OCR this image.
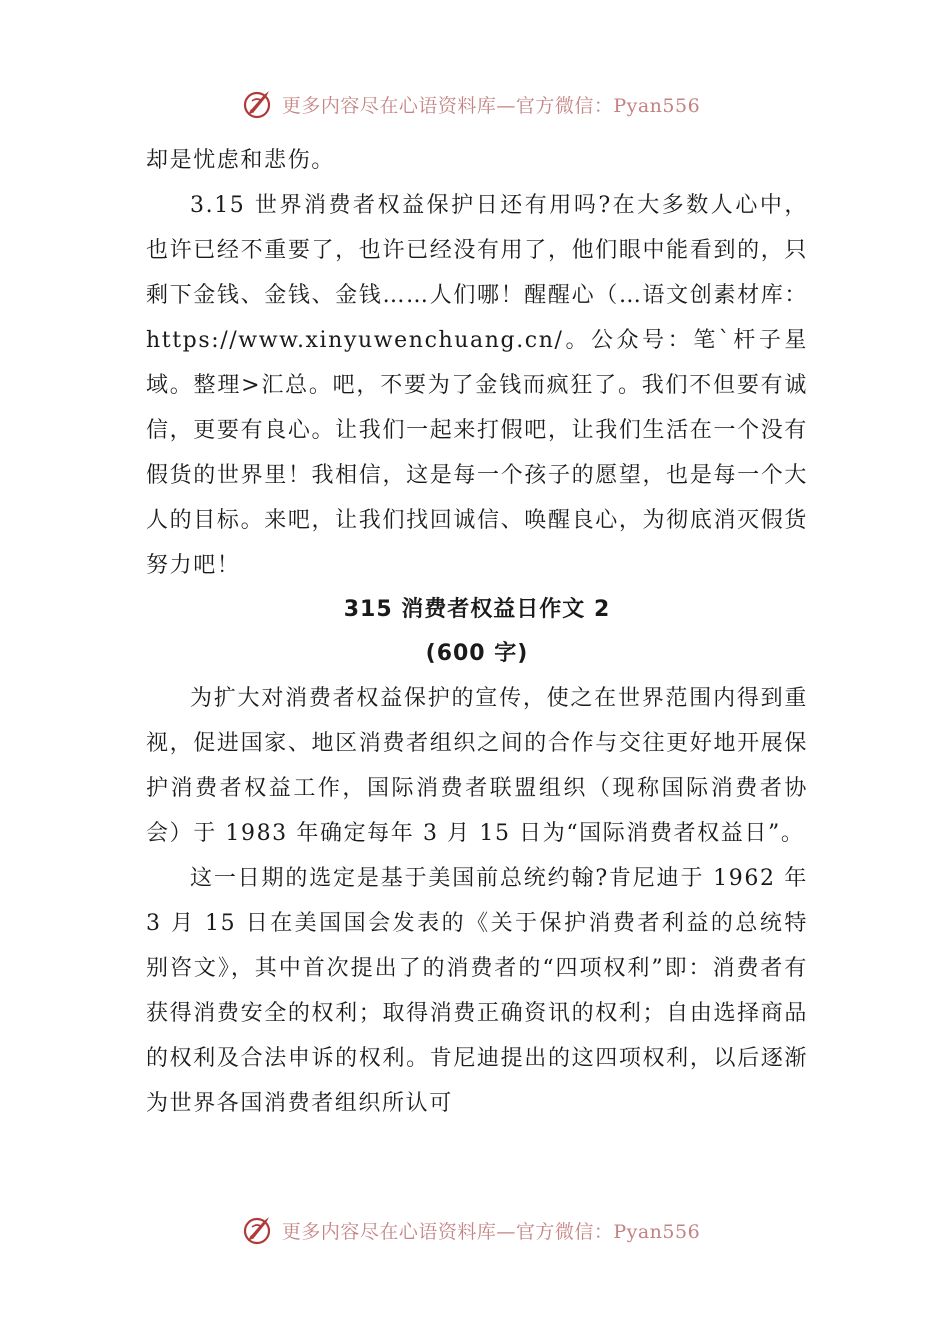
更多内容尽在心语资料库—官方微信：Pyan556

却是忧虑和悲伤。

3.15 世界消费者权益保护日还有用吗?在大多数人心中，也许已经不重要了，也许已经没有用了，他们眼中能看到的，只剩下金钱、金钱、金钱……人们哪！醒醒心（…语文创素材库：https://www.xinyuwenchuang.cn/。公众号：笔`杆子星域。整理>汇总。吧，不要为了金钱而疯狂了。我们不但要有诚信，更要有良心。让我们一起来打假吧，让我们生活在一个没有假货的世界里！我相信，这是每一个孩子的愿望，也是每一个大人的目标。来吧，让我们找回诚信、唤醒良心，为彻底消灭假货努力吧！

315 消费者权益日作文 2

(600 字)

为扩大对消费者权益保护的宣传，使之在世界范围内得到重视，促进国家、地区消费者组织之间的合作与交往更好地开展保护消费者权益工作，国际消费者联盟组织（现称国际消费者协会）于 1983 年确定每年 3 月 15 日为“国际消费者权益日”。

这一日期的选定是基于美国前总统约翰?肯尼迪于 1962 年 3 月 15 日在美国国会发表的《关于保护消费者利益的总统特别咨文》，其中首次提出了的消费者的“四项权利”即：消费者有获得消费安全的权利；取得消费正确资讯的权利；自由选择商品的权利及合法申诉的权利。肯尼迪提出的这四项权利，以后逐渐为世界各国消费者组织所认可

更多内容尽在心语资料库—官方微信：Pyan556
